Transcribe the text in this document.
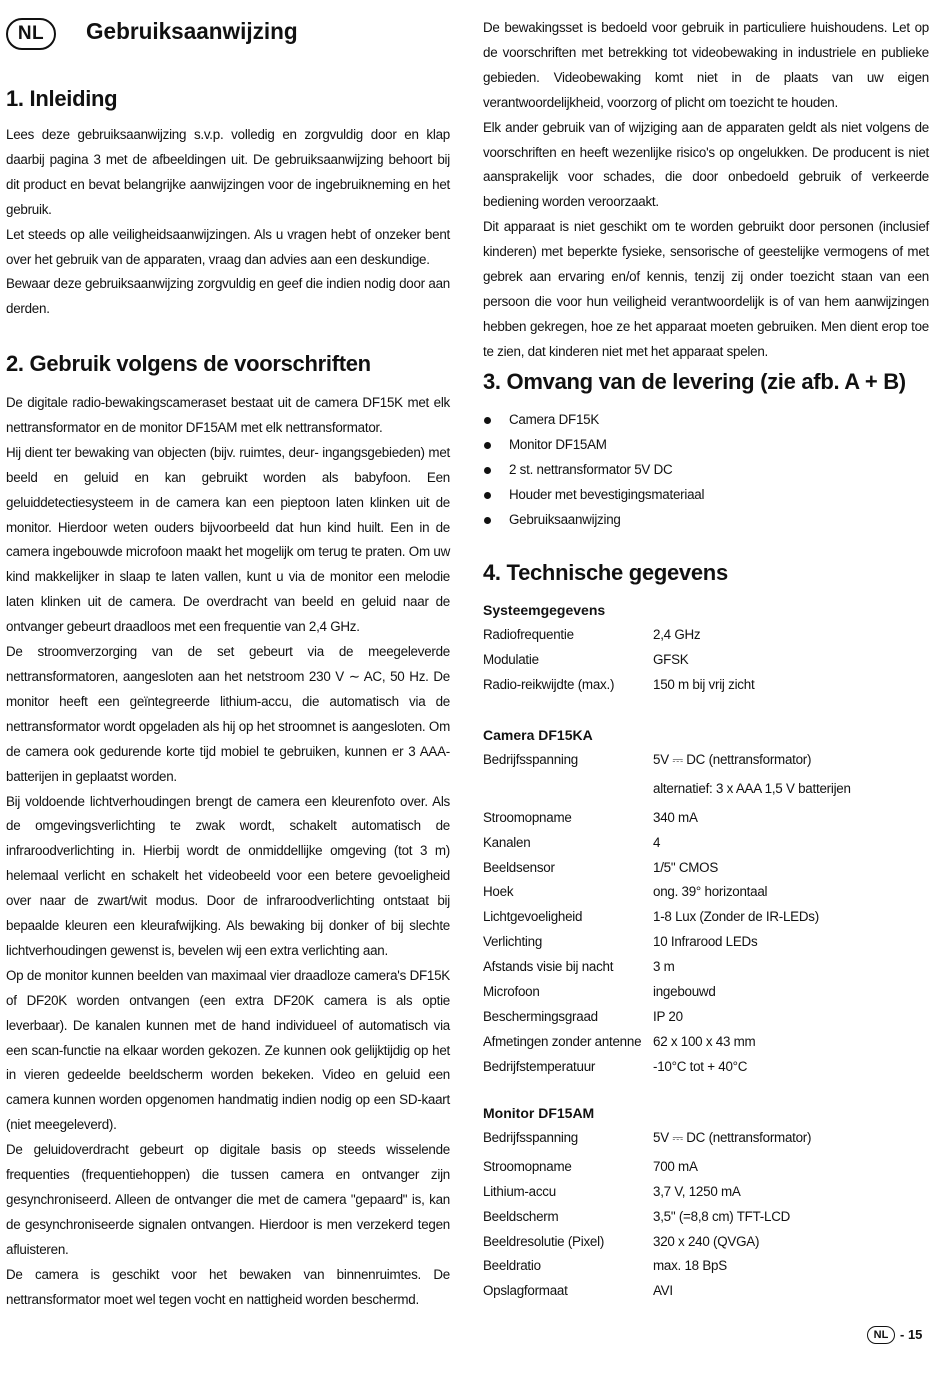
NL	Gebruiksaanwijzing
1. Inleiding

Lees deze gebruiksaanwijzing s.v.p. volledig en zorgvuldig door en klap daarbij pagina 3 met de afbeeldingen uit. De gebruiksaanwijzing behoort bij dit product en bevat belangrijke aanwijzingen voor de ingebruikneming en het gebruik.

Let steeds op alle veiligheidsaanwijzingen. Als u vragen hebt of onzeker bent over het gebruik van de apparaten, vraag dan advies aan een deskundige.

Bewaar deze gebruiksaanwijzing zorgvuldig en geef die indien nodig door aan derden.

2. Gebruik volgens de voorschriften

De digitale radio-bewakingscameraset bestaat uit de camera DF15K met elk nettransformator en de monitor DF15AM met elk nettransformator.

Hij dient ter bewaking van objecten (bijv. ruimtes, deur- ingangsgebieden) met beeld en geluid en kan gebruikt worden als babyfoon. Een geluiddetectiesysteem in de camera kan een pieptoon laten klinken uit de monitor. Hierdoor weten ouders bijvoorbeeld dat hun kind huilt. Een in de camera ingebouwde microfoon maakt het mogelijk om terug te praten. Om uw kind makkelijker in slaap te laten vallen, kunt u via de monitor een melodie laten klinken uit de camera. De overdracht van beeld en geluid naar de ontvanger gebeurt draadloos met een frequentie van 2,4 GHz.

De stroomverzorging van de set gebeurt via de meegeleverde nettransformatoren, aangesloten aan het netstroom 230 V ∼ AC, 50 Hz. De monitor heeft een geïntegreerde lithium-accu, die automatisch via de nettransformator wordt opgeladen als hij op het stroomnet is aangesloten. Om de camera ook gedurende korte tijd mobiel te gebruiken, kunnen er 3 AAA-batterijen in geplaatst worden.

Bij voldoende lichtverhoudingen brengt de camera een kleurenfoto over. Als de omgevingsverlichting te zwak wordt, schakelt automatisch de infraroodverlichting in. Hierbij wordt de onmiddellijke omgeving (tot 3 m) helemaal verlicht en schakelt het videobeeld voor een betere gevoeligheid over naar de zwart/wit modus. Door de infraroodverlichting ontstaat bij bepaalde kleuren een kleurafwijking. Als bewaking bij donker of bij slechte lichtverhoudingen gewenst is, bevelen wij een extra verlichting aan.

Op de monitor kunnen beelden van maximaal vier draadloze camera's DF15K of DF20K worden ontvangen (een extra DF20K camera is als optie leverbaar). De kanalen kunnen met de hand individueel of automatisch via een scan-functie na elkaar worden gekozen. Ze kunnen ook gelijktijdig op het in vieren gedeelde beeldscherm worden bekeken. Video en geluid een camera kunnen worden opgenomen handmatig indien nodig op een SD-kaart (niet meegeleverd).

De geluidoverdracht gebeurt op digitale basis op steeds wisselende frequenties (frequentiehoppen) die tussen camera en ontvanger zijn gesynchroniseerd. Alleen de ontvanger die met de camera "gepaard" is, kan de gesynchroniseerde signalen ontvangen. Hierdoor is men verzekerd tegen afluisteren.

De camera is geschikt voor het bewaken van binnenruimtes. De nettransformator moet wel tegen vocht en nattigheid worden beschermd.

De bewakingsset is bedoeld voor gebruik in particuliere huishoudens. Let op de voorschriften met betrekking tot videobewaking in industriele en publieke gebieden. Videobewaking komt niet in de plaats van uw eigen verantwoordelijkheid, voorzorg of plicht om toezicht te houden.

Elk ander gebruik van of wijziging aan de apparaten geldt als niet volgens de voorschriften en heeft wezenlijke risico's op ongelukken. De producent is niet aansprakelijk voor schades, die door onbedoeld gebruik of verkeerde bediening worden veroorzaakt.

Dit apparaat is niet geschikt om te worden gebruikt door personen (inclusief kinderen) met beperkte fysieke, sensorische of geestelijke vermogens of met gebrek aan ervaring en/of kennis, tenzij zij onder toezicht staan van een persoon die voor hun veiligheid verantwoordelijk is of van hem aanwijzingen hebben gekregen, hoe ze het apparaat moeten gebruiken. Men dient erop toe te zien, dat kinderen niet met het apparaat spelen.

3. Omvang van de levering (zie afb. A + B)
Camera DF15K
Monitor DF15AM
2 st. nettransformator 5V DC
Houder met bevestigingsmateriaal
Gebruiksaanwijzing
4. Technische gegevens
Systeemgegevens
Radiofrequentie	2,4 GHz
Modulatie	GFSK
Radio-reikwijdte (max.)	150 m bij vrij zicht
Camera DF15KA
Bedrijfsspanning	5V ⎓ DC (nettransformator)
alternatief: 3 x AAA 1,5 V batterijen
Stroomopname	340 mA
Kanalen	4
Beeldsensor	1/5" CMOS
Hoek	ong. 39° horizontaal
Lichtgevoeligheid	1-8 Lux (Zonder de IR-LEDs)
Verlichting	10 Infrarood LEDs
Afstands visie bij nacht	3 m
Microfoon	ingebouwd
Beschermingsgraad	IP 20
Afmetingen zonder antenne 62 x 100 x 43 mm
Bedrijfstemperatuur	-10°C tot + 40°C
Monitor DF15AM
Bedrijfsspanning	5V ⎓ DC (nettransformator)
Stroomopname	700 mA
Lithium-accu	3,7 V, 1250 mA
Beeldscherm	3,5" (=8,8 cm) TFT-LCD
Beeldresolutie (Pixel)	320 x 240 (QVGA)
Beeldratio	max. 18 BpS
Opslagformaat	AVI
NL - 15
